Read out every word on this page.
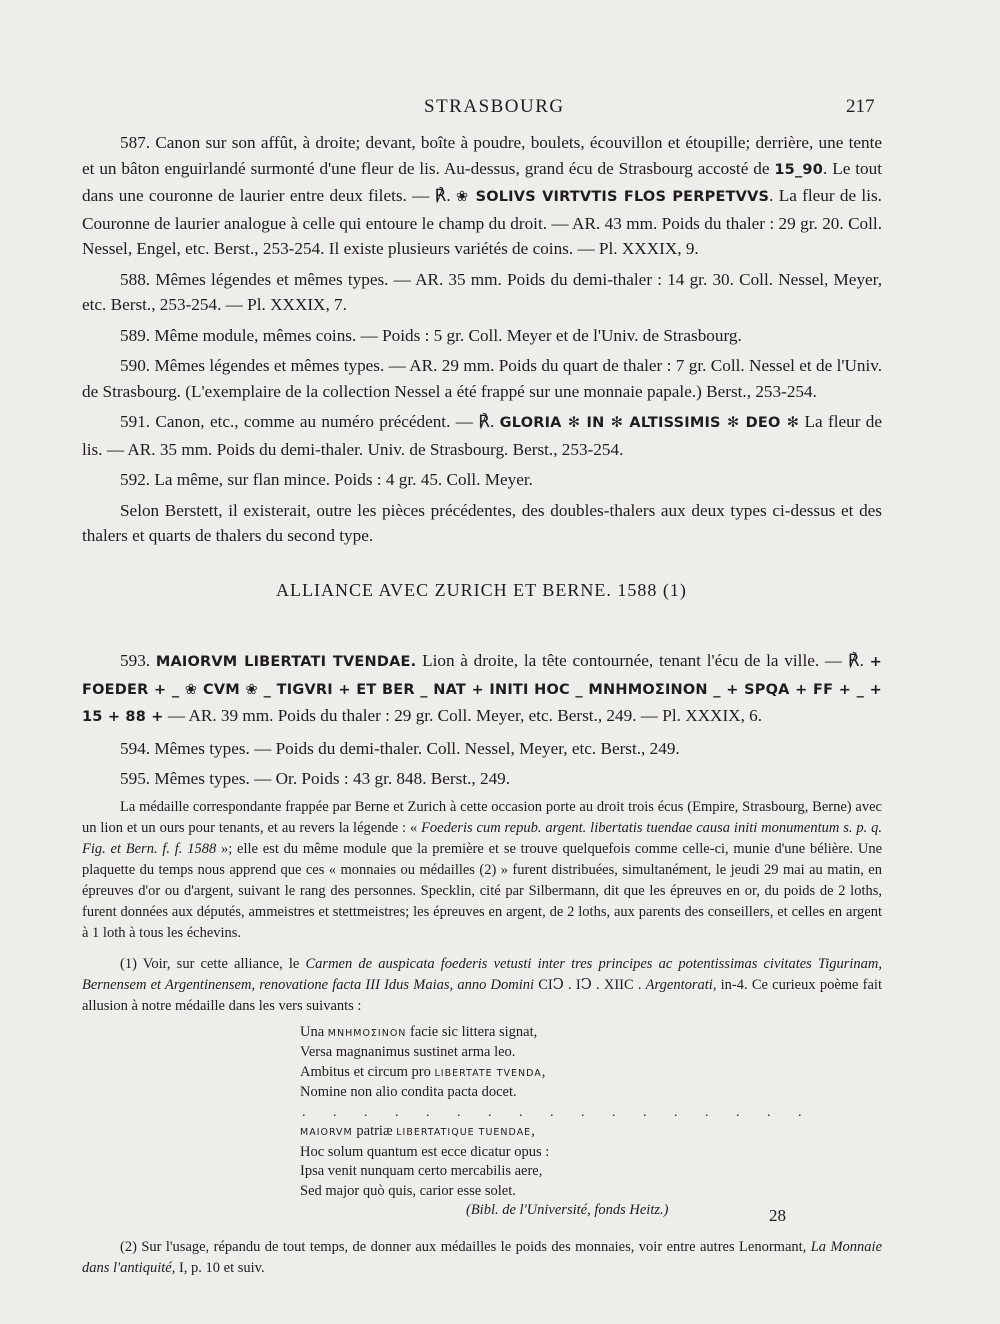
STRASBOURG	217

587. Canon sur son affût, à droite; devant, boîte à poudre, boulets, écouvillon et étoupille; derrière, une tente et un bâton enguirlandé surmonté d'une fleur de lis. Au-dessus, grand écu de Strasbourg accosté de 15_90. Le tout dans une couronne de laurier entre deux filets. — ℟. ❀ SOLIVS VIRTVTIS FLOS PERPETVVS. La fleur de lis. Couronne de laurier analogue à celle qui entoure le champ du droit. — AR. 43 mm. Poids du thaler : 29 gr. 20. Coll. Nessel, Engel, etc. Berst., 253-254. Il existe plusieurs variétés de coins. — Pl. XXXIX, 9.

588. Mêmes légendes et mêmes types. — AR. 35 mm. Poids du demi-thaler : 14 gr. 30. Coll. Nessel, Meyer, etc. Berst., 253-254. — Pl. XXXIX, 7.

589. Même module, mêmes coins. — Poids : 5 gr. Coll. Meyer et de l'Univ. de Strasbourg.

590. Mêmes légendes et mêmes types. — AR. 29 mm. Poids du quart de thaler : 7 gr. Coll. Nessel et de l'Univ. de Strasbourg. (L'exemplaire de la collection Nessel a été frappé sur une monnaie papale.) Berst., 253-254.

591. Canon, etc., comme au numéro précédent. — ℟. GLORIA ✻ IN ✻ ALTISSIMIS ✻ DEO ✻ La fleur de lis. — AR. 35 mm. Poids du demi-thaler. Univ. de Strasbourg. Berst., 253-254.

592. La même, sur flan mince. Poids : 4 gr. 45. Coll. Meyer.

Selon Berstett, il existerait, outre les pièces précédentes, des doubles-thalers aux deux types ci-dessus et des thalers et quarts de thalers du second type.

ALLIANCE AVEC ZURICH ET BERNE. 1588 (1)

593. MAIORVM LIBERTATI TVENDAE. Lion à droite, la tête contournée, tenant l'écu de la ville. — ℟. + FOEDER + _ ❀ CVM ❀ _ TIGVRI + ET BER _ NAT + INITI HOC _ MNHMOΣINON _ + SPQA + FF + _ + 15 + 88 + — AR. 39 mm. Poids du thaler : 29 gr. Coll. Meyer, etc. Berst., 249. — Pl. XXXIX, 6.

594. Mêmes types. — Poids du demi-thaler. Coll. Nessel, Meyer, etc. Berst., 249.

595. Mêmes types. — Or. Poids : 43 gr. 848. Berst., 249.

La médaille correspondante frappée par Berne et Zurich à cette occasion porte au droit trois écus (Empire, Strasbourg, Berne) avec un lion et un ours pour tenants, et au revers la légende : « Foederis cum repub. argent. libertatis tuendae causa initi monumentum s. p. q. Fig. et Bern. f. f. 1588 »; elle est du même module que la première et se trouve quelquefois comme celle-ci, munie d'une bélière. Une plaquette du temps nous apprend que ces « monnaies ou médailles (2) » furent distribuées, simultanément, le jeudi 29 mai au matin, en épreuves d'or ou d'argent, suivant le rang des personnes. Specklin, cité par Silbermann, dit que les épreuves en or, du poids de 2 loths, furent données aux députés, ammeistres et stettmeistres; les épreuves en argent, de 2 loths, aux parents des conseillers, et celles en argent à 1 loth à tous les échevins.

(1) Voir, sur cette alliance, le Carmen de auspicata foederis vetusti inter tres principes ac potentissimas civitates Tigurinam, Bernensem et Argentinensem, renovatione facta III Idus Maias, anno Domini CIↃ . IↃ . XIIC . Argentorati, in-4. Ce curieux poème fait allusion à notre médaille dans les vers suivants :

Una MNHMOΣINON facie sic littera signat,
Versa magnanimus sustinet arma leo.
Ambitus et circum pro LIBERTATE TVENDA,
Nomine non alio condita pacta docet.
. . . . . . . . . . . . . . . . .
MAIORVM patriæ LIBERTATIQUE TUENDAE,
Hoc solum quantum est ecce dicatur opus :
Ipsa venit nunquam certo mercabilis aere,
Sed major quò quis, carior esse solet.
(Bibl. de l'Université, fonds Heitz.)

(2) Sur l'usage, répandu de tout temps, de donner aux médailles le poids des monnaies, voir entre autres Lenormant, La Monnaie dans l'antiquité, I, p. 10 et suiv.

28
